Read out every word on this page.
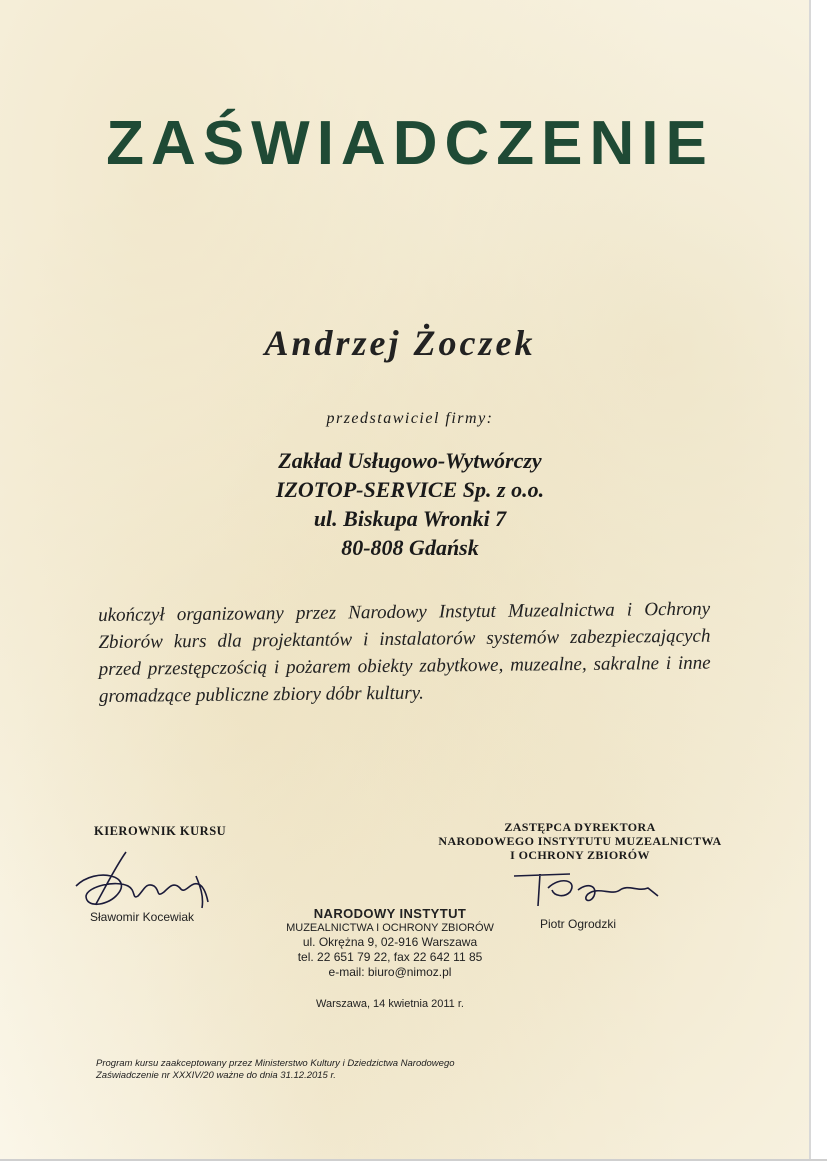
ZAŚWIADCZENIE
Andrzej Żoczek
przedstawiciel firmy:
Zakład Usługowo-Wytwórczy
IZOTOP-SERVICE Sp. z o.o.
ul. Biskupa Wronki 7
80-808 Gdańsk
ukończył organizowany przez Narodowy Instytut Muzealnictwa i Ochrony Zbiorów kurs dla projektantów i instalatorów systemów zabezpieczających przed przestępczością i pożarem obiekty zabytkowe, muzealne, sakralne i inne gromadzące publiczne zbiory dóbr kultury.
KIEROWNIK KURSU
Sławomir Kocewiak
ZASTĘPCA DYREKTORA
NARODOWEGO INSTYTUTU MUZEALNICTWA
I OCHRONY ZBIORÓW
Piotr Ogrodzki
NARODOWY INSTYTUT
MUZEALNICTWA I OCHRONY ZBIORÓW
ul. Okrężna 9, 02-916 Warszawa
tel. 22 651 79 22, fax 22 642 11 85
e-mail: biuro@nimoz.pl
Warszawa, 14 kwietnia 2011 r.
Program kursu zaakceptowany przez Ministerstwo Kultury i Dziedzictwa Narodowego
Zaświadczenie nr XXXIV/20 ważne do dnia 31.12.2015 r.
